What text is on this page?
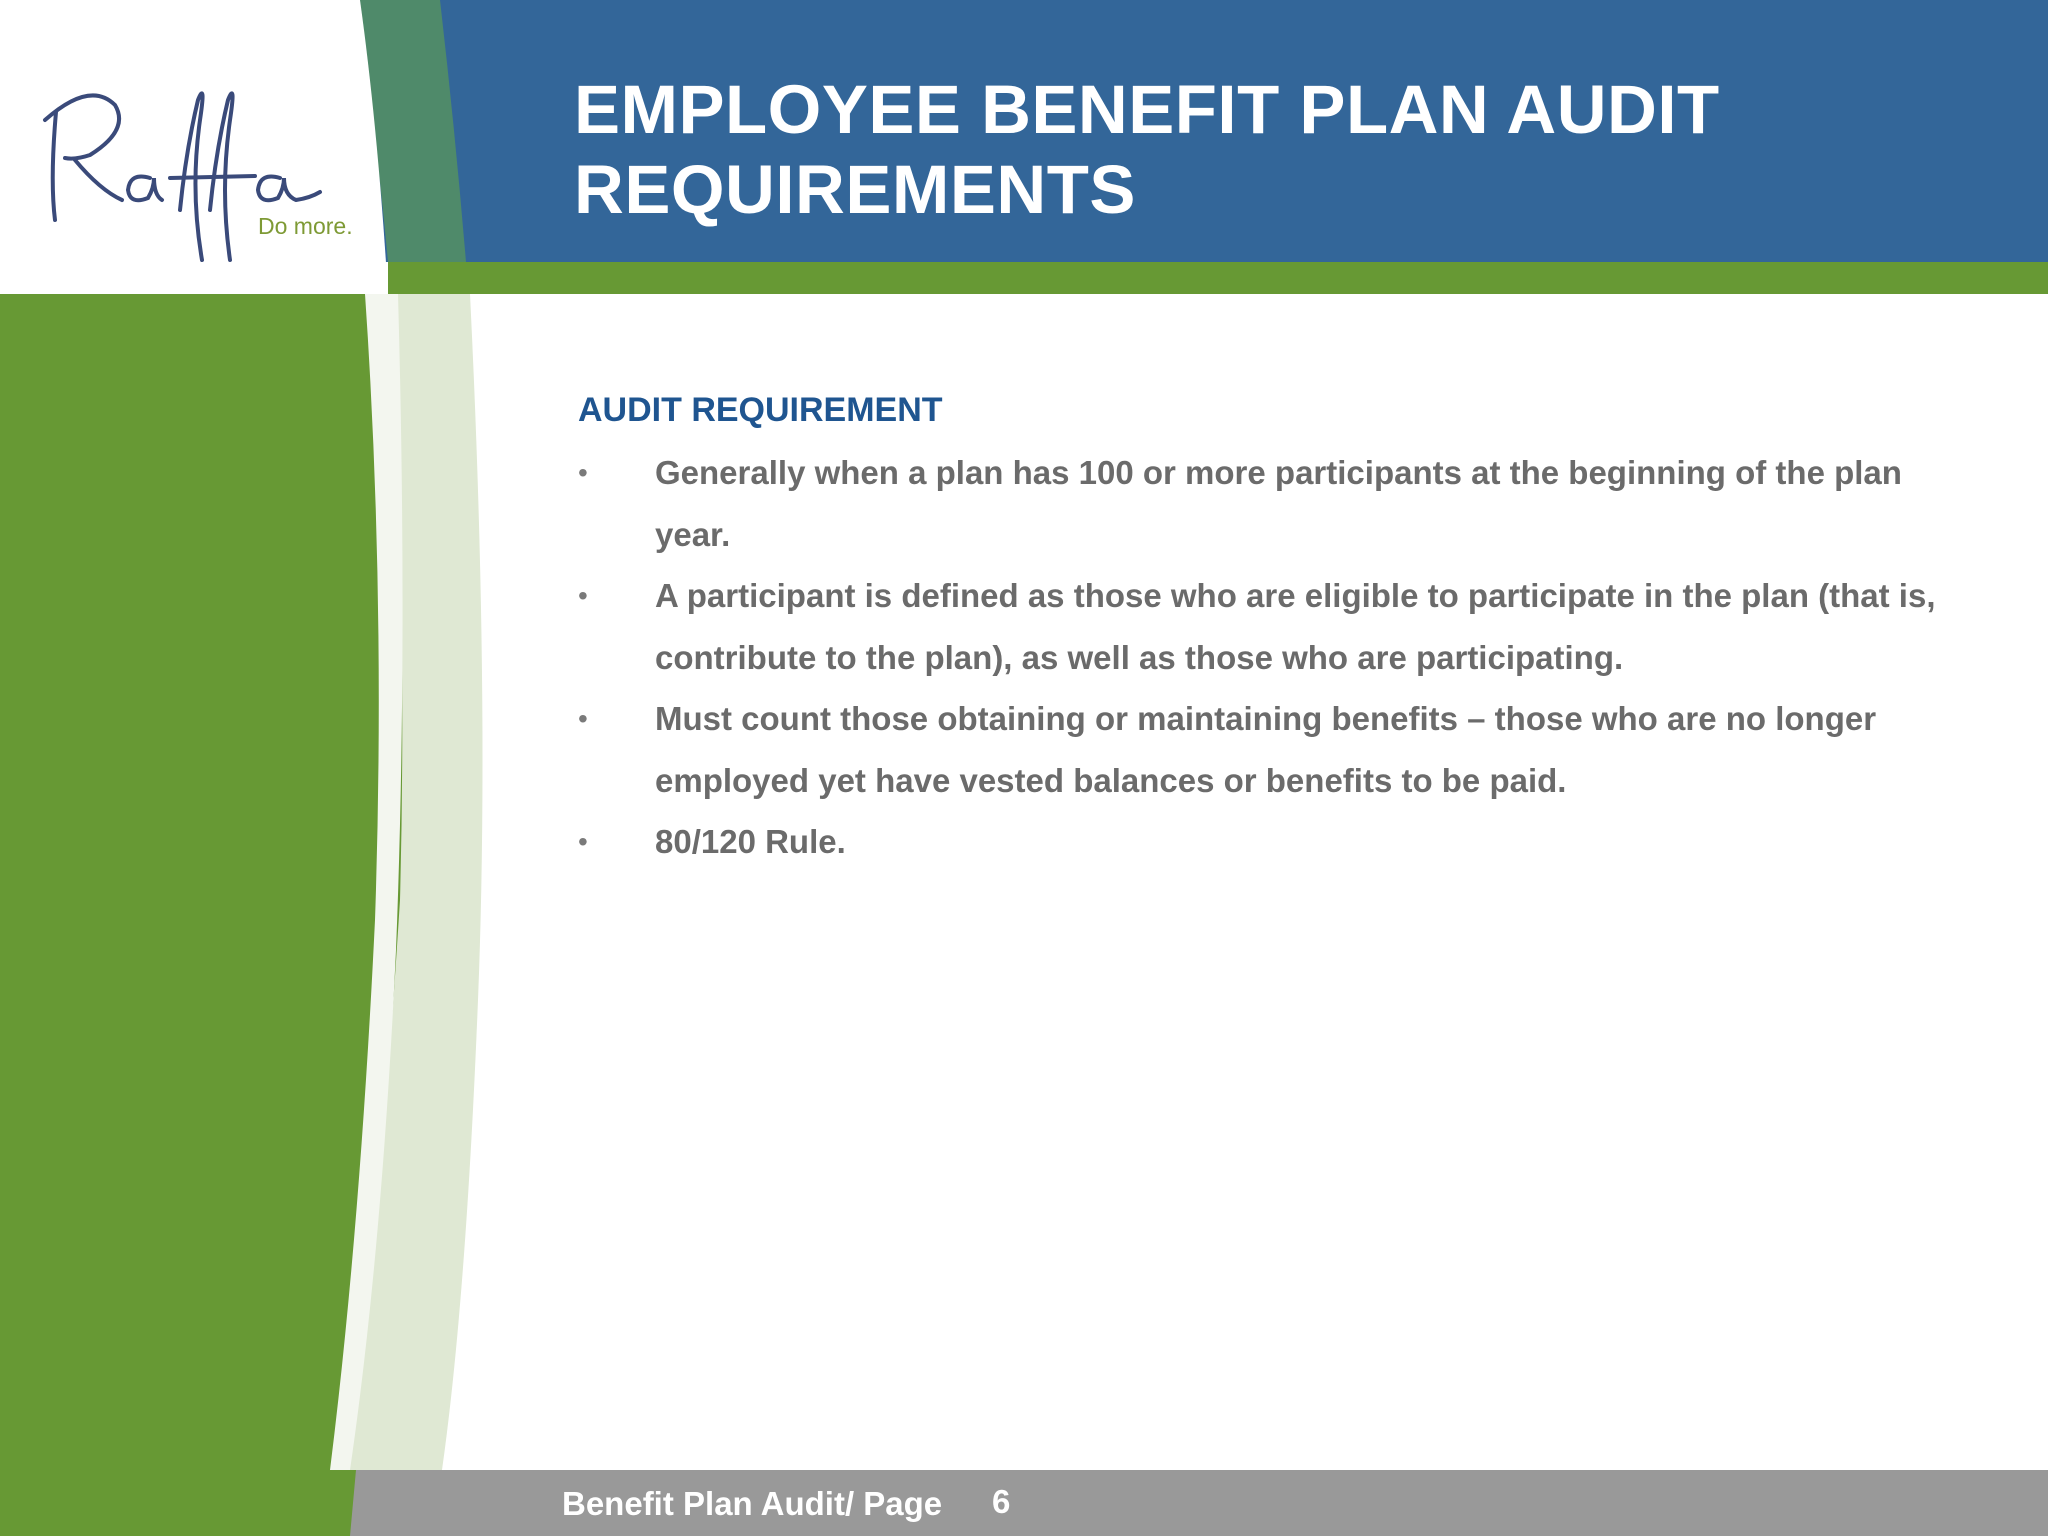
Do more.
EMPLOYEE BENEFIT PLAN AUDIT
REQUIREMENTS
AUDIT REQUIREMENT
• Generally when a plan has 100 or more participants at the beginning of the plan year.
• A participant is defined as those who are eligible to participate in the plan (that is, contribute to the plan), as well as those who are participating.
• Must count those obtaining or maintaining benefits – those who are no longer employed yet have vested balances or benefits to be paid.
• 80/120 Rule.
Benefit Plan Audit/ Page 6
